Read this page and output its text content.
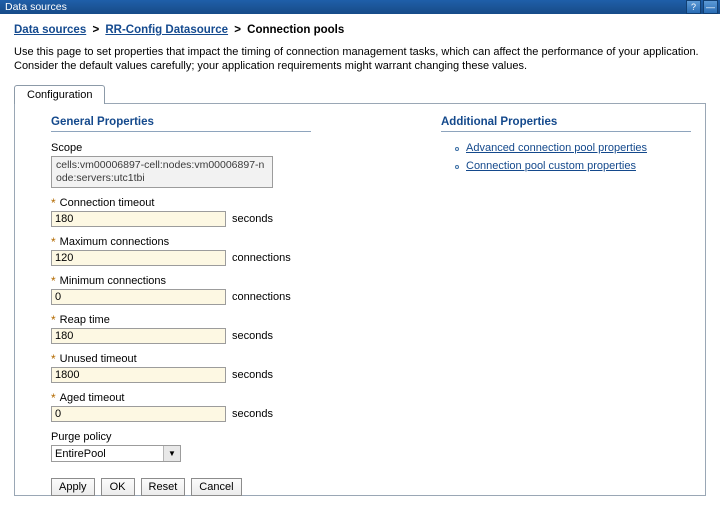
Data sources	?	—
Data sources > RR-Config Datasource > Connection pools
Use this page to set properties that impact the timing of connection management tasks, which can affect the performance of your application. Consider the default values carefully; your application requirements might warrant changing these values.
Configuration
General Properties
Scope
cells:vm00006897-cell:nodes:vm00006897-node:servers:utc1tbi
* Connection timeout
180
seconds
* Maximum connections
120
connections
* Minimum connections
0
connections
* Reap time
180
seconds
* Unused timeout
1800
seconds
* Aged timeout
0
seconds
Purge policy
EntirePool
▼
Apply	OK	Reset	Cancel
Additional Properties
Advanced connection pool properties
Connection pool custom properties
